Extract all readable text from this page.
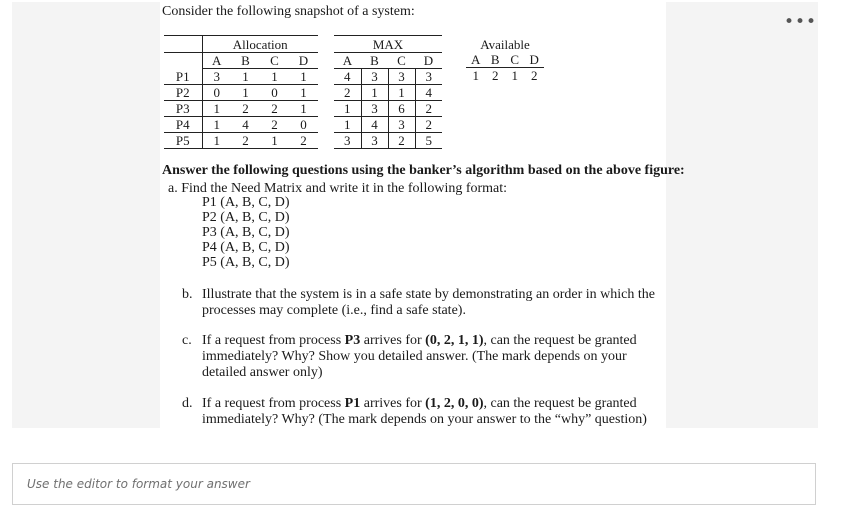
•••
Consider the following snapshot of a system:
	Allocation			
	A	B	C	D
P1	3	1	1	1
P2	0	1	0	1
P3	1	2	2	1
P4	1	4	2	0
P5	1	2	1	2
MAX			
A	B	C	D
4	3	3	3
2	1	1	4
1	3	6	2
1	4	3	2
3	3	2	5
Available			
A	B	C	D
1	2	1	2
Answer the following questions using the banker’s algorithm based on the above figure:
a. Find the Need Matrix and write it in the following format:
P1 (A, B, C, D)
P2 (A, B, C, D)
P3 (A, B, C, D)
P4 (A, B, C, D)
P5 (A, B, C, D)
b. Illustrate that the system is in a safe state by demonstrating an order in which the processes may complete (i.e., find a safe state).
c. If a request from process P3 arrives for (0, 2, 1, 1), can the request be granted immediately? Why? Show you detailed answer. (The mark depends on your detailed answer only)
d. If a request from process P1 arrives for (1, 2, 0, 0), can the request be granted immediately? Why? (The mark depends on your answer to the “why” question)
Use the editor to format your answer
